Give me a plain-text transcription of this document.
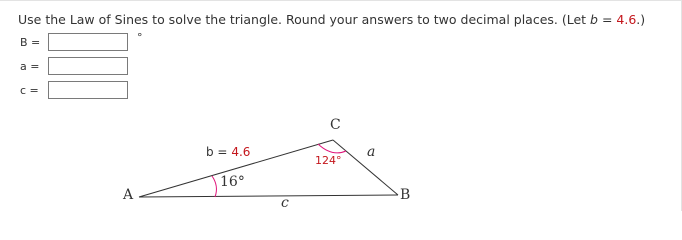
Use the Law of Sines to solve the triangle. Round your answers to two decimal places. (Let b = 4.6.)
B =	°
a =
c =
A	B
C
a
c
b = 4.6
16°
124°
